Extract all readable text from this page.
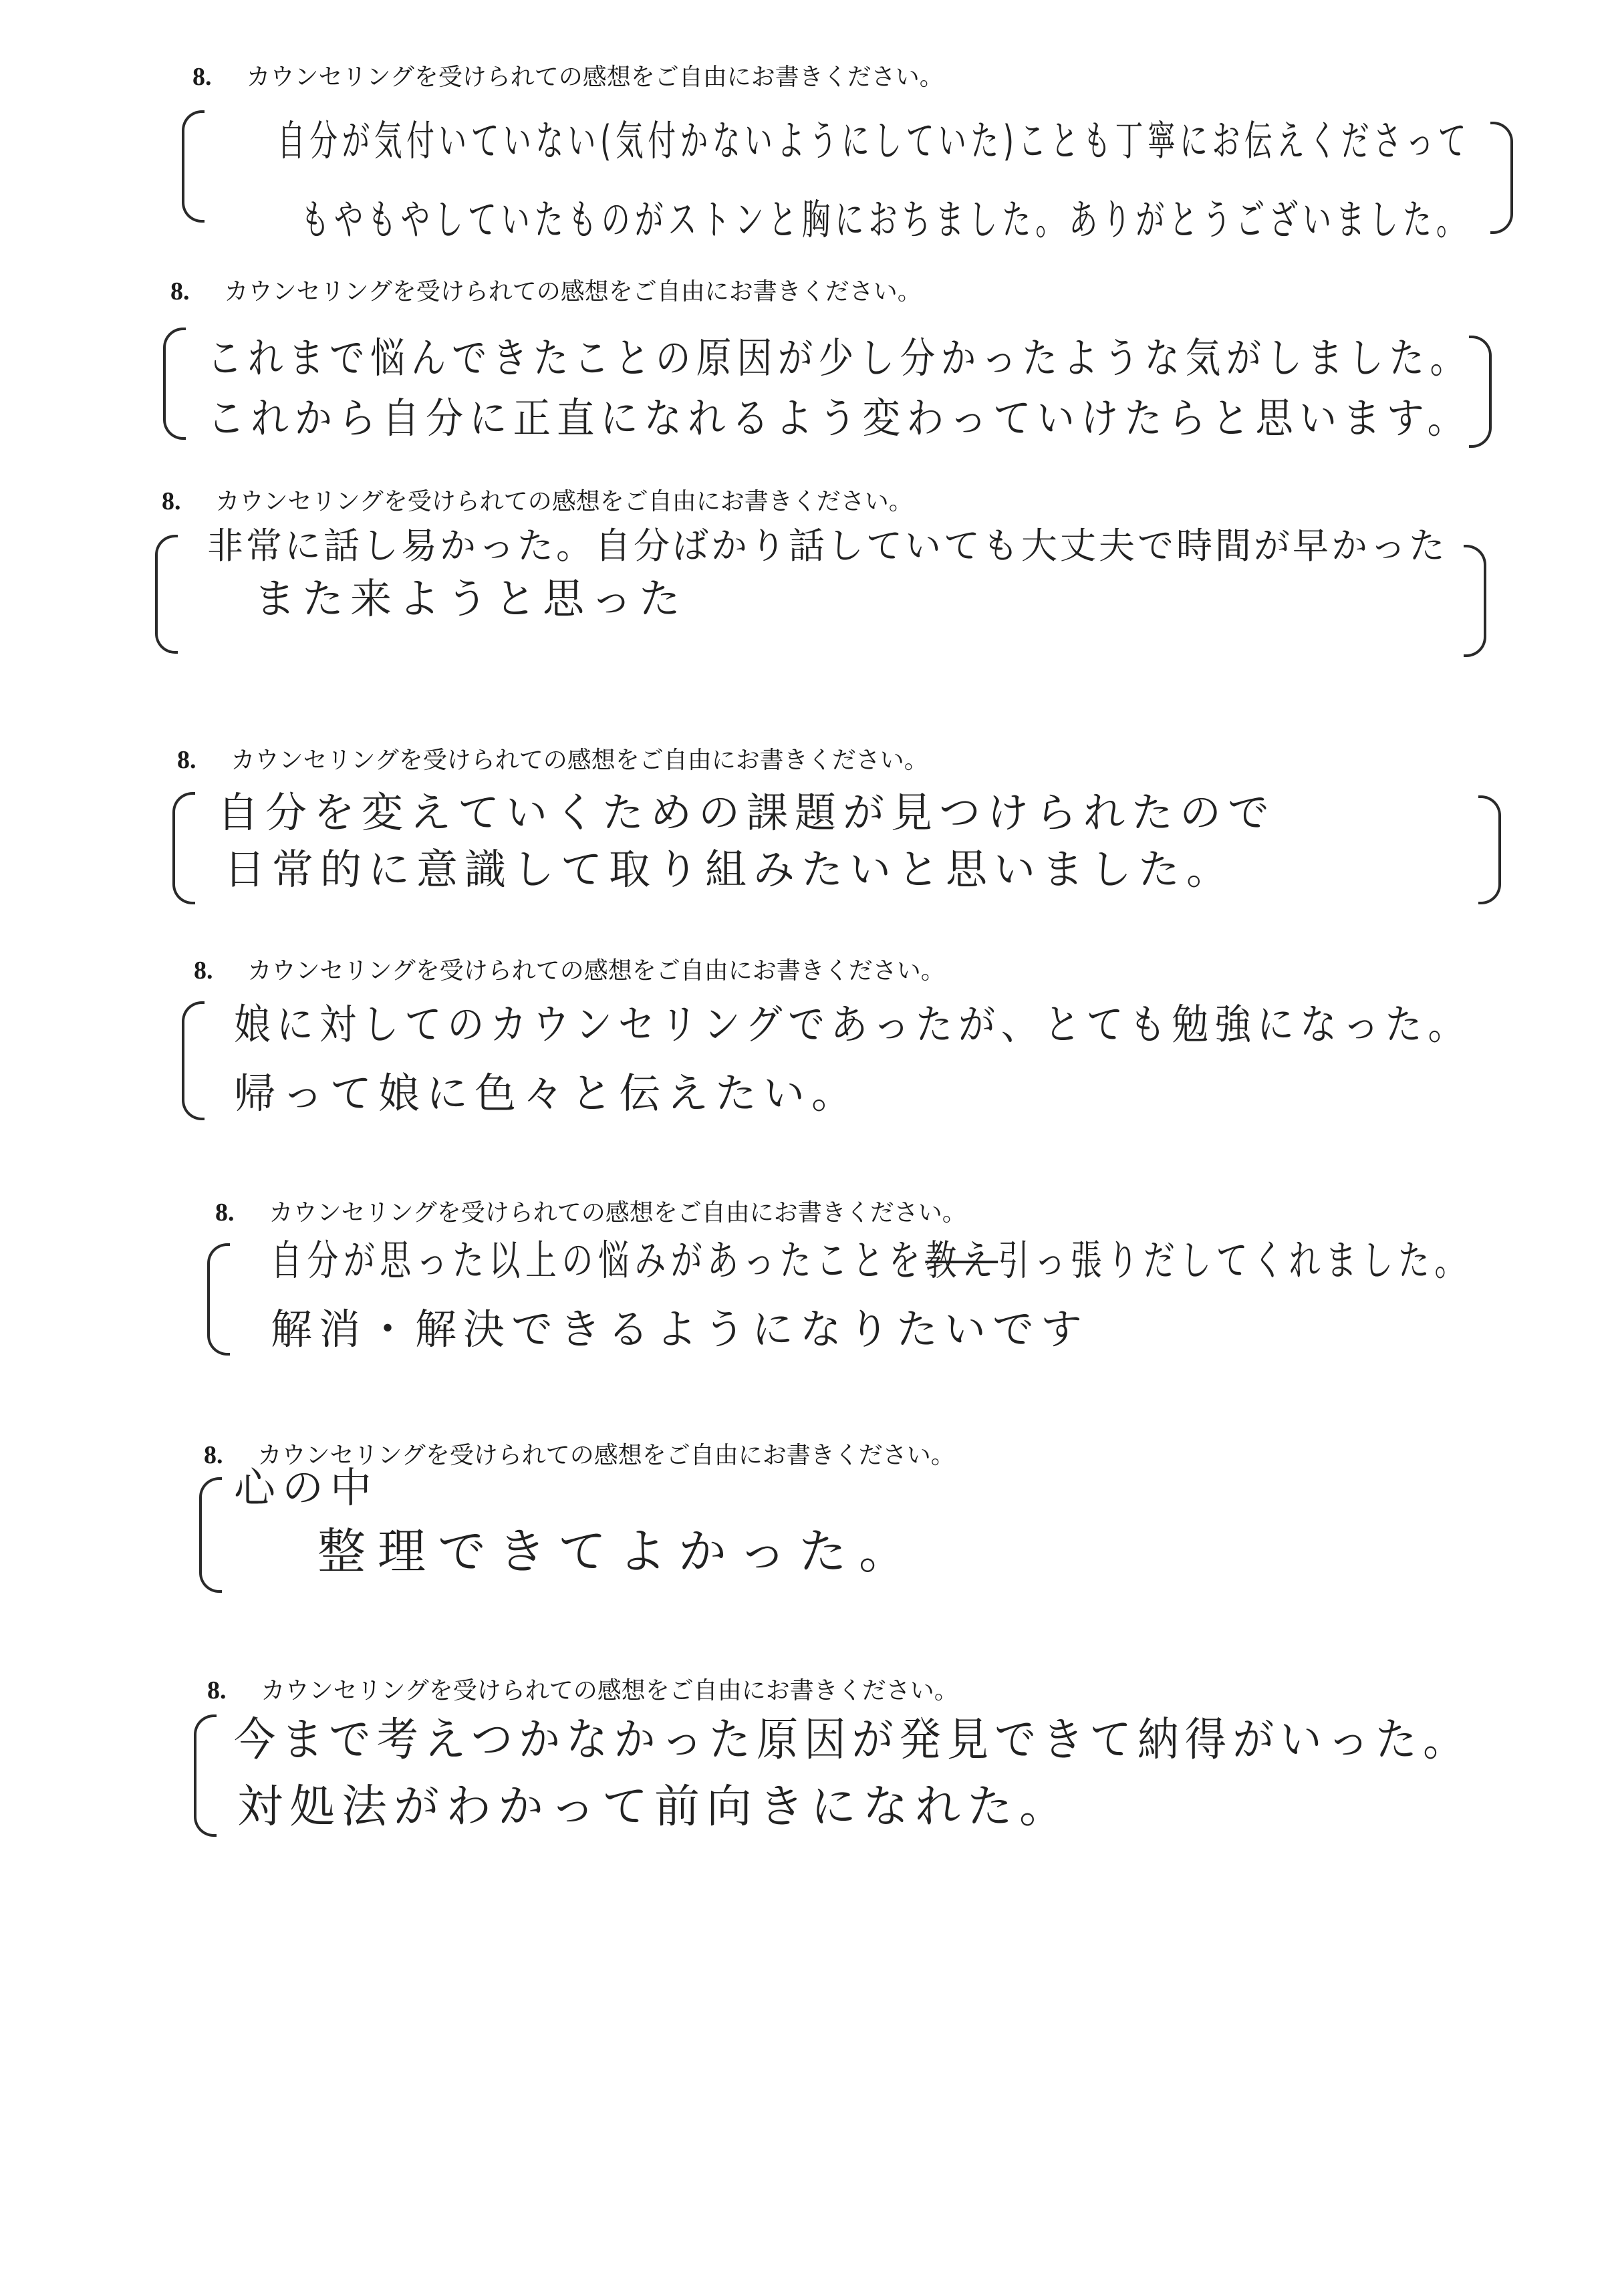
8. カウンセリングを受けられての感想をご自由にお書きください。
自分が気付いていない(気付かないようにしていた)ことも丁寧にお伝えくださって
もやもやしていたものがストンと胸におちました。ありがとうございました。
8. カウンセリングを受けられての感想をご自由にお書きください。
これまで悩んできたことの原因が少し分かったような気がしました。
これから自分に正直になれるよう変わっていけたらと思います。
8. カウンセリングを受けられての感想をご自由にお書きください。
非常に話し易かった。自分ばかり話していても大丈夫で時間が早かった
また来ようと思った
8. カウンセリングを受けられての感想をご自由にお書きください。
自分を変えていくための課題が見つけられたので
日常的に意識して取り組みたいと思いました。
8. カウンセリングを受けられての感想をご自由にお書きください。
娘に対してのカウンセリングであったが、とても勉強になった。
帰って娘に色々と伝えたい。
8. カウンセリングを受けられての感想をご自由にお書きください。
自分が思った以上の悩みがあったことを教え引っ張りだしてくれました。
解消・解決できるようになりたいです
8. カウンセリングを受けられての感想をご自由にお書きください。
心の中
整理できてよかった。
8. カウンセリングを受けられての感想をご自由にお書きください。
今まで考えつかなかった原因が発見できて納得がいった。
対処法がわかって前向きになれた。
